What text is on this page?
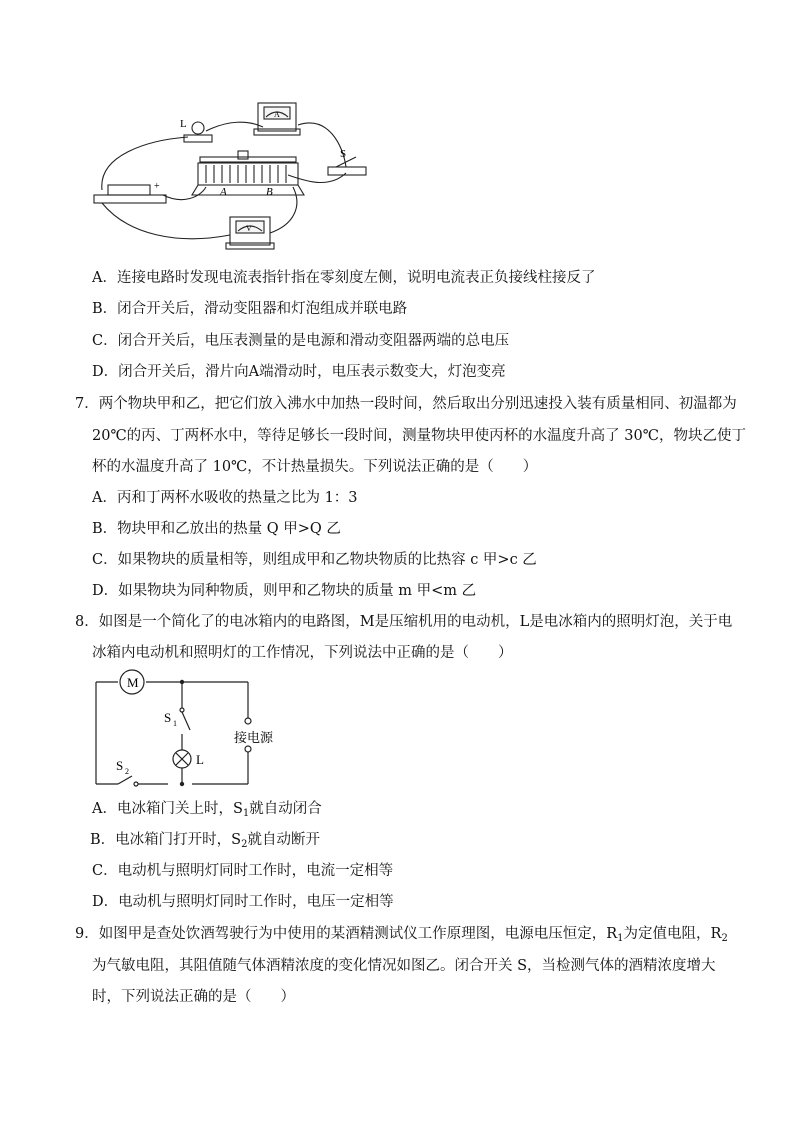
L
A
S
A	B
+
V
A．连接电路时发现电流表指针指在零刻度左侧，说明电流表正负接线柱接反了
B．闭合开关后，滑动变阻器和灯泡组成并联电路
C．闭合开关后，电压表测量的是电源和滑动变阻器两端的总电压
D．闭合开关后，滑片向A端滑动时，电压表示数变大，灯泡变亮
7．两个物块甲和乙，把它们放入沸水中加热一段时间，然后取出分别迅速投入装有质量相同、初温都为
20℃的丙、丁两杯水中，等待足够长一段时间，测量物块甲使丙杯的水温度升高了 30℃，物块乙使丁
杯的水温度升高了 10℃，不计热量损失。下列说法正确的是（　　）
A．丙和丁两杯水吸收的热量之比为 1：3
B．物块甲和乙放出的热量 Q 甲>Q 乙
C．如果物块的质量相等，则组成甲和乙物块物质的比热容 c 甲>c 乙
D．如果物块为同种物质，则甲和乙物块的质量 m 甲<m 乙
8．如图是一个简化了的电冰箱内的电路图，M是压缩机用的电动机，L是电冰箱内的照明灯泡，关于电
冰箱内电动机和照明灯的工作情况，下列说法中正确的是（　　）
M
S 1
L
S 2
接电源
A．电冰箱门关上时，$S_1$就自动闭合
B．电冰箱门打开时，$S_2$就自动断开
C．电动机与照明灯同时工作时，电流一定相等
D．电动机与照明灯同时工作时，电压一定相等
9．如图甲是查处饮酒驾驶行为中使用的某酒精测试仪工作原理图，电源电压恒定，$R_1$为定值电阻，$R_2$
为气敏电阻，其阻值随气体酒精浓度的变化情况如图乙。闭合开关 S，当检测气体的酒精浓度增大
时，下列说法正确的是（　　）
